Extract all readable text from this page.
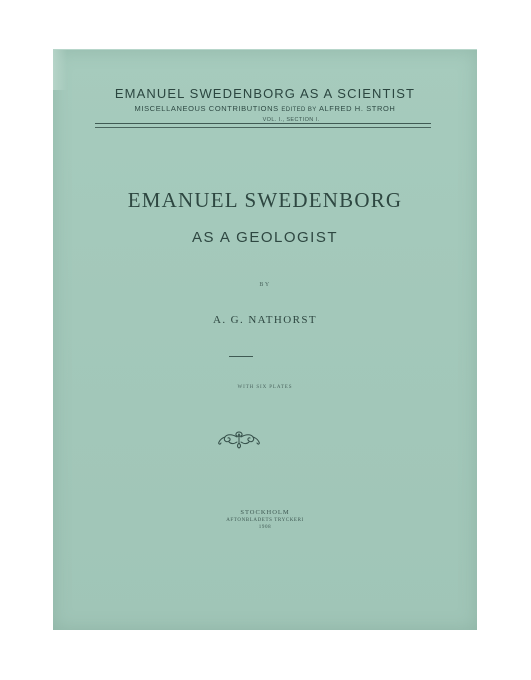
EMANUEL SWEDENBORG AS A SCIENTIST
MISCELLANEOUS CONTRIBUTIONS EDITED BY ALFRED H. STROH
VOL. I., SECTION I.
EMANUEL SWEDENBORG
AS A GEOLOGIST
BY
A. G. NATHORST
WITH SIX PLATES
STOCKHOLM
AFTONBLADETS TRYCKERI
1908
